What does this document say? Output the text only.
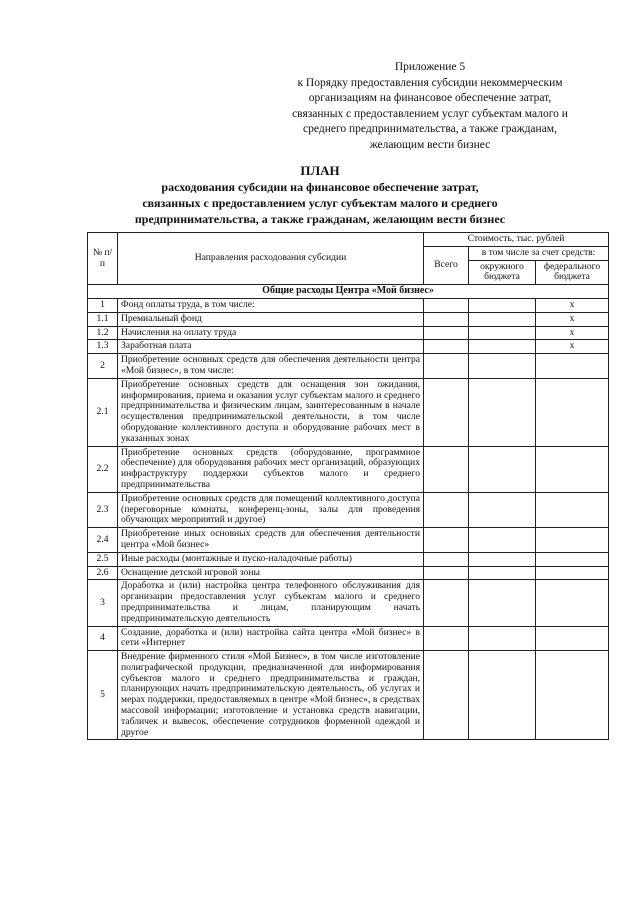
Приложение 5
к Порядку предоставления субсидии некоммерческим
организациям на финансовое обеспечение затрат,
связанных с предоставлением услуг субъектам малого и
среднего предпринимательства, а также гражданам,
желающим вести бизнес
ПЛАН
расходования субсидии на финансовое обеспечение затрат,
связанных с предоставлением услуг субъектам малого и среднего
предпринимательства, а также гражданам, желающим вести бизнес
№ п/п	Направления расходования субсидии	Стоимость, тыс. рублей		
		Всего	в том числе за счет средств:	
			окружного бюджета	федерального бюджета
Общие расходы Центра «Мой бизнес»				
1	Фонд оплаты труда, в том числе:			х
1.1	Премиальный фонд			х
1.2	Начисления на оплату труда			х
1.3	Заработная плата			х
2	Приобретение основных средств для обеспечения деятельности центра «Мой бизнес», в том числе:			
2.1	Приобретение основных средств для оснащения зон ожидания, информирования, приема и оказания услуг субъектам малого и среднего предпринимательства и физическим лицам, заинтересованным в начале осуществления предпринимательской деятельности, в том числе оборудование коллективного доступа и оборудование рабочих мест в указанных зонах			
2.2	Приобретение основных средств (оборудование, программное обеспечение) для оборудования рабочих мест организаций, образующих инфраструктуру поддержки субъектов малого и среднего предпринимательства			
2.3	Приобретение основных средств для помещений коллективного доступа (переговорные комнаты, конференц-зоны, залы для проведения обучающих мероприятий и другое)			
2.4	Приобретение иных основных средств для обеспечения деятельности центра «Мой бизнес»			
2.5	Иные расходы (монтажные и пуско-наладочные работы)			
2.6	Оснащение детской игровой зоны			
3	Доработка и (или) настройка центра телефонного обслуживания для организации предоставления услуг субъектам малого и среднего предпринимательства и лицам, планирующим начать предпринимательскую деятельность			
4	Создание, доработка и (или) настройка сайта центра «Мой бизнес» в сети «Интернет			
5	Внедрение фирменного стиля «Мой Бизнес», в том числе изготовление полиграфической продукции, предназначенной для информирования субъектов малого и среднего предпринимательства и граждан, планирующих начать предпринимательскую деятельность, об услугах и мерах поддержки, предоставляемых в центре «Мой бизнес», в средствах массовой информации; изготовление и установка средств навигации, табличек и вывесок, обеспечение сотрудников форменной одеждой и другое			
